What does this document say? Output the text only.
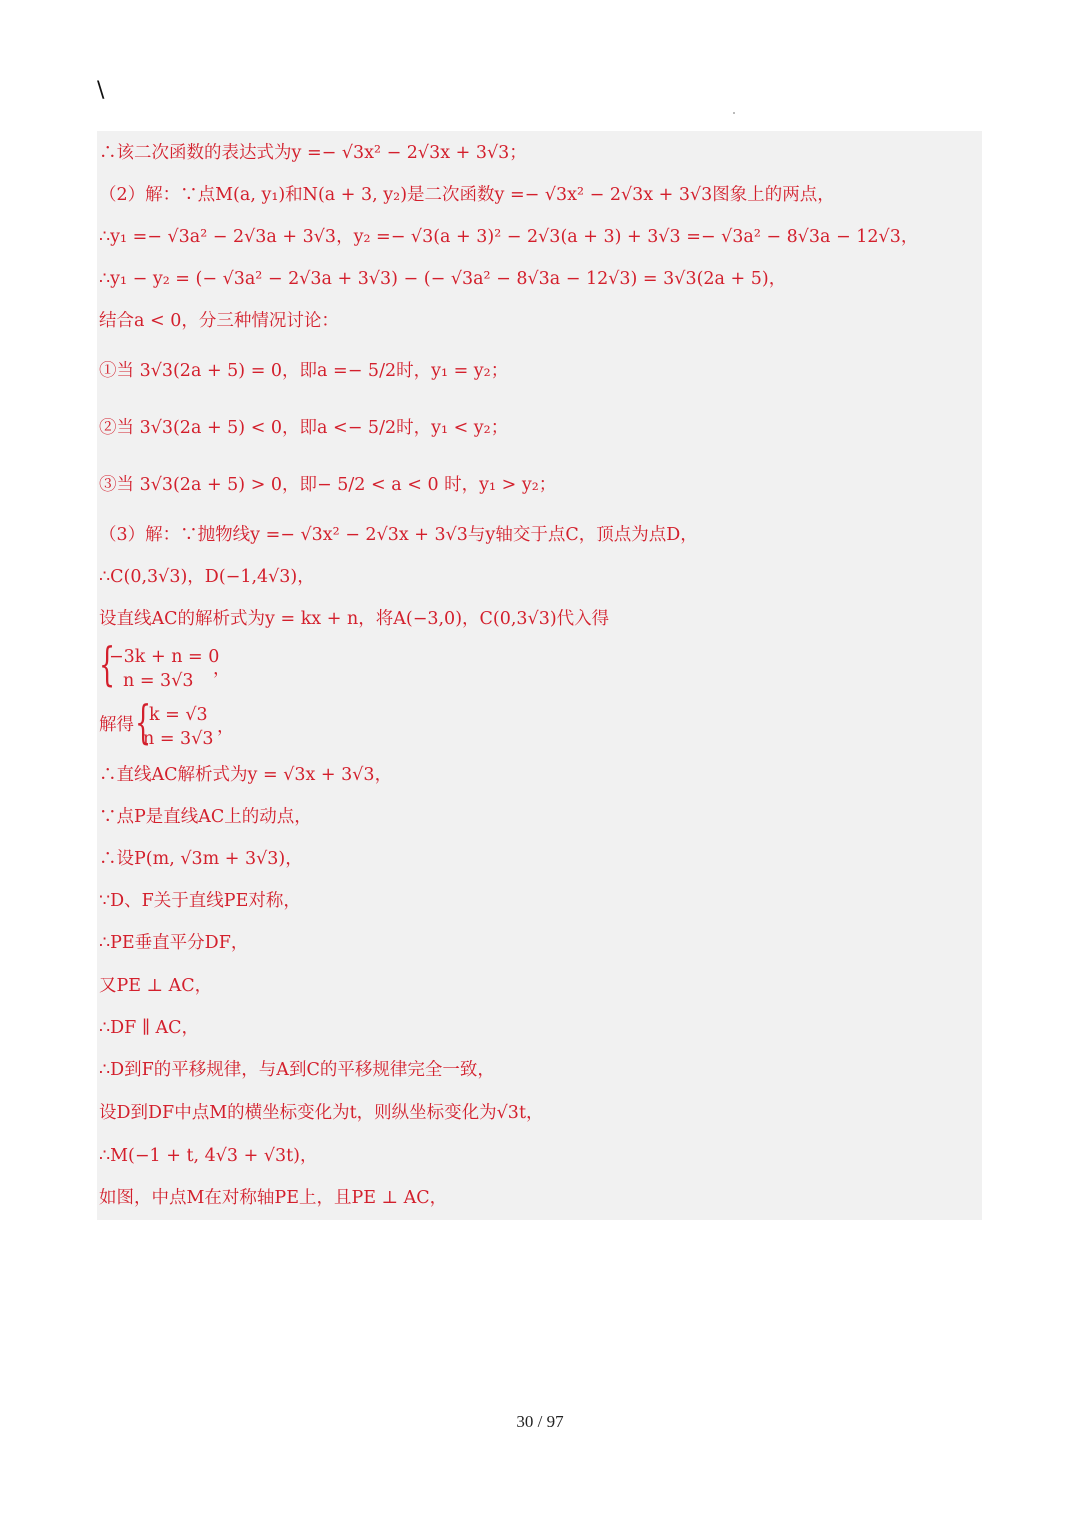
\
∴该二次函数的表达式为y =− √3x² − 2√3x + 3√3；
（2）解：∵点M(a, y₁)和N(a + 3, y₂)是二次函数y =− √3x² − 2√3x + 3√3图象上的两点，
∴y₁ =− √3a² − 2√3a + 3√3，y₂ =− √3(a + 3)² − 2√3(a + 3) + 3√3 =− √3a² − 8√3a − 12√3，
∴y₁ − y₂ = (− √3a² − 2√3a + 3√3) − (− √3a² − 8√3a − 12√3) = 3√3(2a + 5)，
结合a < 0，分三种情况讨论：
①当 3√3(2a + 5) = 0，即a =− 5/2时，y₁ = y₂；
②当 3√3(2a + 5) < 0，即a <− 5/2时，y₁ < y₂；
③当 3√3(2a + 5) > 0，即− 5/2 < a < 0 时，y₁ > y₂；
（3）解：∵抛物线y =− √3x² − 2√3x + 3√3与y轴交于点C，顶点为点D，
∴C(0,3√3)，D(−1,4√3)，
设直线AC的解析式为y = kx + n，将A(−3,0)，C(0,3√3)代入得
{
−3k + n = 0
n = 3√3
，
解得 {
k = √3
n = 3√3
，
∴直线AC解析式为y = √3x + 3√3，
∵点P是直线AC上的动点，
∴设P(m, √3m + 3√3)，
∵D、F关于直线PE对称，
∴PE垂直平分DF，
又PE ⊥ AC，
∴DF ∥ AC，
∴D到F的平移规律，与A到C的平移规律完全一致，
设D到DF中点M的横坐标变化为t，则纵坐标变化为√3t，
∴M(−1 + t, 4√3 + √3t)，
如图，中点M在对称轴PE上，且PE ⊥ AC，
30 / 97
